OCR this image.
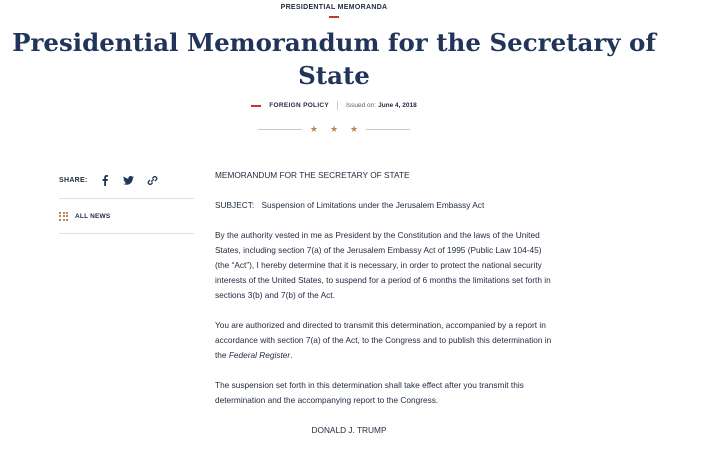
PRESIDENTIAL MEMORANDA
Presidential Memorandum for the Secretary of State
FOREIGN POLICY	Issued on: June 4, 2018
★ ★ ★
SHARE:
ALL NEWS

MEMORANDUM FOR THE SECRETARY OF STATE

SUBJECT: Suspension of Limitations under the Jerusalem Embassy Act

By the authority vested in me as President by the Constitution and the laws of the United States, including section 7(a) of the Jerusalem Embassy Act of 1995 (Public Law 104-45) (the “Act”), I hereby determine that it is necessary, in order to protect the national security interests of the United States, to suspend for a period of 6 months the limitations set forth in sections 3(b) and 7(b) of the Act.

You are authorized and directed to transmit this determination, accompanied by a report in accordance with section 7(a) of the Act, to the Congress and to publish this determination in the Federal Register.

The suspension set forth in this determination shall take effect after you transmit this determination and the accompanying report to the Congress.

DONALD J. TRUMP
